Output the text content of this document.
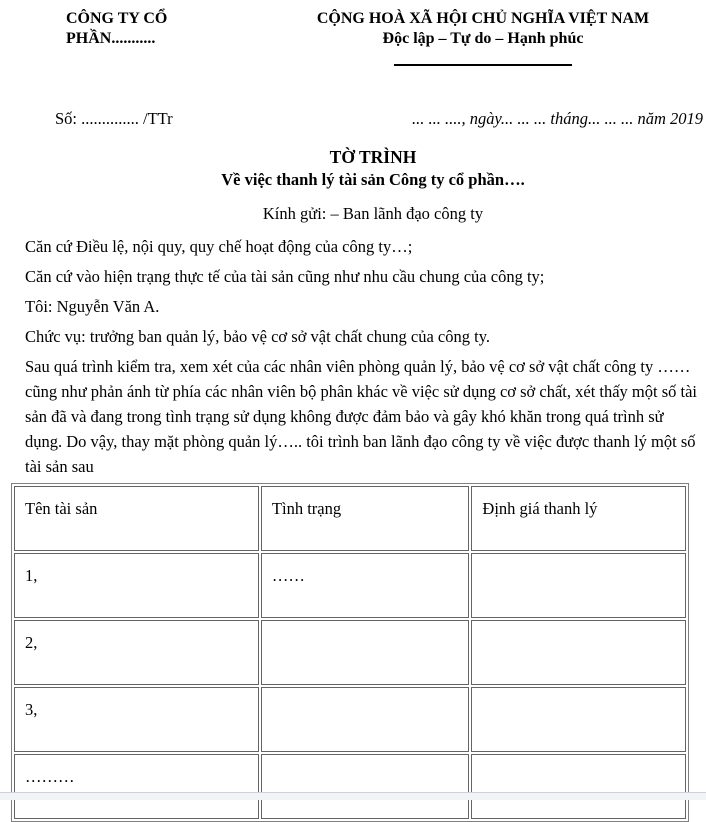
CÔNG TY CỔ PHẦN...........
CỘNG HOÀ XÃ HỘI CHỦ NGHĨA VIỆT NAM
Độc lập – Tự do – Hạnh phúc
Số: .............. /TTr	... ... ...., ngày... ... ... tháng... ... ... năm 2019
TỜ TRÌNH
Về việc thanh lý tài sản Công ty cổ phần….
Kính gửi: – Ban lãnh đạo công ty

Căn cứ Điều lệ, nội quy, quy chế hoạt động của công ty…;

Căn cứ vào hiện trạng thực tế của tài sản cũng như nhu cầu chung của công ty;

Tôi: Nguyễn Văn A.

Chức vụ: trưởng ban quản lý, bảo vệ cơ sở vật chất chung của công ty.

Sau quá trình kiểm tra, xem xét của các nhân viên phòng quản lý, bảo vệ cơ sở vật chất công ty …… cũng như phản ánh từ phía các nhân viên bộ phân khác về việc sử dụng cơ sở chất, xét thấy một số tài sản đã và đang trong tình trạng sử dụng không được đảm bảo và gây khó khăn trong quá trình sử dụng. Do vậy, thay mặt phòng quản lý….. tôi trình ban lãnh đạo công ty về việc được thanh lý một số tài sản sau

Tên tài sản	Tình trạng	Định giá thanh lý
1,	……	
2,		
3,		
………		
